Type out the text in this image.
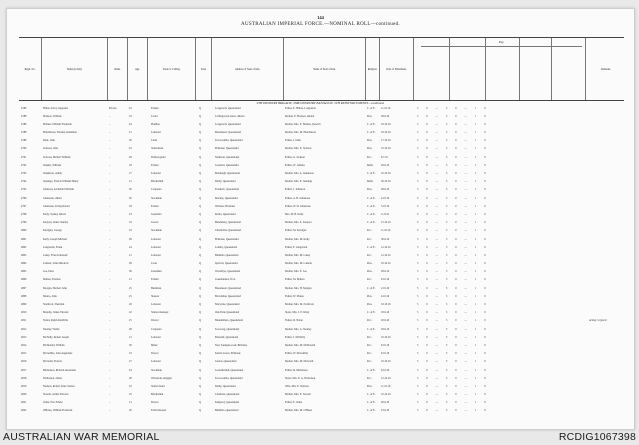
144
AUSTRALIAN IMPERIAL FORCE.—NOMINAL ROLL—continued.
Regtl. No.	Name (in full).	Rank.	Age.	Trade or Calling.	State	Address of Next of Kin.	Name of Next of Kin.	Religion.	Date of Enlistment.
Pay.
Remarks.
9TH INFANTRY BRIGADE, 33RD INFANTRY BATTALION, 5TH REINFORCEMENTS—continued.
4780	Hilton, Percy Augustus	Private	22	Farmer	Q	Longreach, Queensland	Father, E. Hilton, Longreach	C. of E.	11.10.16	5 0 — 5 0 — 1 0
4788	Hodson, William	..	19	Carter	Q	Collingwood-street, Albion	Mother, E. Hodson, Albion	Pres.	28.9.16	5 0 — 5 0 — 1 0
4786	Holden, William Frederick	..	24	Plumber	Q	Longreach, Queensland	Mother, Mrs. E. Holden, Ipswich	C. of E.	18.10.16	5 0 — 5 0 — 1 0
4788	Hutchinson, Thomas Arbuthnot	..	21	Labourer	Q	Beaudesert, Queensland	Mother, Mrs. M. Hutchinson	C. of E.	18.10.16	5 0 — 5 0 — 1 0
4789	Dark, John	..	20	Clerk	Q	Toowoomba, Queensland	Father, J. Dark	Pres.	17.10.16	5 0 — 5 0 — 1 0
4790	Jackson, John	..	22	Stationman	Q	Brisbane, Queensland	Mother, Mrs. E. Jackson	Pres.	10.10.16	5 0 — 5 0 — 1 0
4791	Jackson, Herbert William	..	29	Timber-getter	Q	Nambour, Queensland	Father, G. Jackson	R.C.	8.7.16	5 0 — 5 0 — 1 0
4792	Jenkins, William	..	18	Farmer	Q	Goomeri, Queensland	Father, W. Jenkins	Meth.	29.9.16	5 0 — 5 0 — 1 0
4793	Jenkinson, Arthur	..	27	Labourer	Q	Beenleigh, Queensland	Mother, Mrs. A. Jenkinson	C. of E.	10.10.16	5 0 — 5 0 — 1 0
4794	Jennings, Francis William Henry	..	21	Blacksmith	Q	Dalby, Queensland	Mother, Mrs. E. Jennings	Meth.	30.10.16	5 0 — 5 0 — 1 0
4795	Johnston, Archibald William	..	30	Carpenter	Q	Fassifern, Queensland	Father, J. Johnston	Pres.	28.9.16	5 0 — 5 0 — 1 0
4796	Johnstone, Albert	..	20	Stockman	Q	Mackay, Queensland	Father, A. B. Johnstone	C. of E.	4.10.16	5 0 — 5 0 — 1 0
4797	Johnstone, Irving Robert	..	18	Farmer	Q	Windsor, Brisbane	Father, W. D. Johnstone	C. of E.	5.10.16	5 0 — 5 0 — 1 0
4798	Kelly, Sydney Alfred	..	23	Journalist	Q	Roma, Queensland	Mrs. M. B. Kelly	C. of E.	11.9.16	5 0 — 5 0 — 1 0
4799	Kenyon, James Stanley	..	19	Grocer	Q	Bundaberg, Queensland	Mother, Mrs. A. Kenyon	C. of E.	15.10.16	5 0 — 5 0 — 1 0
4800	Kerrigan, George	..	22	Stockman	Q	Charleville, Queensland	Father, M. Kerrigan	R.C.	11.10.16	5 0 — 5 0 — 1 0
4801	Kelly, Joseph Michael	..	28	Labourer	Q	Brisbane, Queensland	Mother, Mrs. M. Kelly	R.C.	30.9.16	5 0 — 5 0 — 1 0
4802	Langstreth, Frank	..	24	Labourer	Q	Laidley, Queensland	Father, F. Langstreth	C. of E.	12.10.16	5 0 — 5 0 — 1 0
4803	Lahey, Francis Russell	..	21	Labourer	Q	Bulimba, Queensland	Mother, Mrs. M. Lahey	R.C.	12.10.16	5 0 — 5 0 — 1 0
4804	Lamont, John Murdoch	..	28	Cook	Q	Ipswich, Queensland	Mother, Mrs. M. Lamont	Pres.	16.10.16	5 0 — 5 0 — 1 0
4805	Lee, Peter	..	36	Linesman	Q	Woombye, Queensland	Mother, Mrs. E. Lee	Pres.	28.9.16	5 0 — 5 0 — 1 0
4806	Mahon, Thomas	..	21	Farmer	Q	Greenbushes, W.A.	Father, M. Mahon	R.C.	9.10.16	5 0 — 5 0 — 1 0
4807	Morgan, Herbert John	..	25	Bushman	Q	Beaudesert, Queensland	Mother, Mrs. H. Morgan	C. of E.	2.10.16	5 0 — 5 0 — 1 0
4808	Munro, John	..	25	Shearer	Q	Barcaldine, Queensland	Father, W. Munro	Pres.	4.10.16	5 0 — 5 0 — 1 0
4809	Northcott, Sheridan	..	20	Labourer	Q	Maryvale, Queensland	Mother, Mrs. M. Northcott	Pres.	16.10.16	5 0 — 5 0 — 1 0
4810	Murphy, James Vincent	..	22	Station manager	Q	Oak Park, Queensland	Sister, Mrs. J. E. Riley	C. of E.	18.9.16	5 0 — 5 0 — 1 0
4811	Nolan, Ralph Radcliffe	..	25	Drover	Q	Mundubbera, Queensland	Father, R. Nolan	R.C.	20.9.16	5 0 — 5 0 — 1 0	Acting Corporal
4812	Neatley, Walter	..	28	Carpenter	Q	Toowong, Queensland	Mother, Mrs. G. Neatley	C. of E.	29.9.16	5 0 — 5 0 — 1 0
4813	McNally, Robert Joseph	..	21	Labourer	Q	Emerald, Queensland	Father, J. McNally	R.C.	10.10.16	5 0 — 5 0 — 1 0
4814	McDonald, William	..	30	Miner	Q	New Sandgate-road, Brisbane	Mother, Mrs. M. McDonald	R.C.	9.10.16	5 0 — 5 0 — 1 0
4815	McGuiffie, John Augustine	..	19	Drover	Q	Kelvin Grove, Brisbane	Father, W. McGuiffie	R.C.	9.10.16	5 0 — 5 0 — 1 0
4816	McGrath, Francis	..	27	Labourer	Q	Gatton, Queensland	Mother, Mrs. M. McGrath	R.C.	16.10.16	5 0 — 5 0 — 1 0
4817	Michelson, Richard Alexander	..	24	Stockman	Q	Goondiwindi, Queensland	Father, R. Michelson	C. of E.	6.10.16	5 0 — 5 0 — 1 0
4818	Nicholson, James	..	28	Wholesale druggist	Q	Toowoomba, Queensland	Sister, Mrs. E. A. Nicholson	R.C.	12.10.16	5 0 — 5 0 — 1 0
4819	Neilson, Robert John Charles	..	22	Station hand	Q	Dalby, Queensland	Wife, Mrs. E. Neilson	Pres.	11.10.16	5 0 — 5 0 — 1 0
4820	Nowell, Arthur Edward	..	25	Blacksmith	Q	Clermont, Queensland	Mother, Mrs. E. Nowell	C. of E.	10.10.16	5 0 — 5 0 — 1 0
4821	Orme, Eric Edwin	..	21	Drover	Q	Kingaroy, Queensland	Father, E. Orme	C. of E.	26.9.16	5 0 — 5 0 — 1 0
4822	O'Brien, William Frederick	..	20	Farm labourer	Q	Bulimba, Queensland	Mother, Mrs. M. O'Brien	C. of E.	23.9.16	5 0 — 5 0 — 1 0
AUSTRALIAN WAR MEMORIAL	RCDIG1067398
